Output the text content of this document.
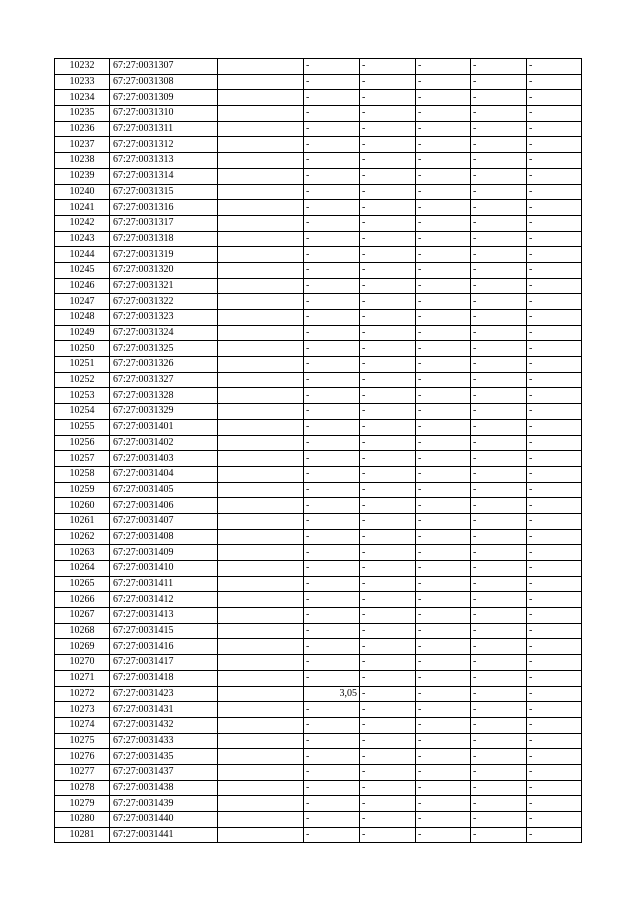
10232	67:27:0031307		-	-	-	-	-
10233	67:27:0031308		-	-	-	-	-
10234	67:27:0031309		-	-	-	-	-
10235	67:27:0031310		-	-	-	-	-
10236	67:27:0031311		-	-	-	-	-
10237	67:27:0031312		-	-	-	-	-
10238	67:27:0031313		-	-	-	-	-
10239	67:27:0031314		-	-	-	-	-
10240	67:27:0031315		-	-	-	-	-
10241	67:27:0031316		-	-	-	-	-
10242	67:27:0031317		-	-	-	-	-
10243	67:27:0031318		-	-	-	-	-
10244	67:27:0031319		-	-	-	-	-
10245	67:27:0031320		-	-	-	-	-
10246	67:27:0031321		-	-	-	-	-
10247	67:27:0031322		-	-	-	-	-
10248	67:27:0031323		-	-	-	-	-
10249	67:27:0031324		-	-	-	-	-
10250	67:27:0031325		-	-	-	-	-
10251	67:27:0031326		-	-	-	-	-
10252	67:27:0031327		-	-	-	-	-
10253	67:27:0031328		-	-	-	-	-
10254	67:27:0031329		-	-	-	-	-
10255	67:27:0031401		-	-	-	-	-
10256	67:27:0031402		-	-	-	-	-
10257	67:27:0031403		-	-	-	-	-
10258	67:27:0031404		-	-	-	-	-
10259	67:27:0031405		-	-	-	-	-
10260	67:27:0031406		-	-	-	-	-
10261	67:27:0031407		-	-	-	-	-
10262	67:27:0031408		-	-	-	-	-
10263	67:27:0031409		-	-	-	-	-
10264	67:27:0031410		-	-	-	-	-
10265	67:27:0031411		-	-	-	-	-
10266	67:27:0031412		-	-	-	-	-
10267	67:27:0031413		-	-	-	-	-
10268	67:27:0031415		-	-	-	-	-
10269	67:27:0031416		-	-	-	-	-
10270	67:27:0031417		-	-	-	-	-
10271	67:27:0031418		-	-	-	-	-
10272	67:27:0031423		3,05	-	-	-	-
10273	67:27:0031431		-	-	-	-	-
10274	67:27:0031432		-	-	-	-	-
10275	67:27:0031433		-	-	-	-	-
10276	67:27:0031435		-	-	-	-	-
10277	67:27:0031437		-	-	-	-	-
10278	67:27:0031438		-	-	-	-	-
10279	67:27:0031439		-	-	-	-	-
10280	67:27:0031440		-	-	-	-	-
10281	67:27:0031441		-	-	-	-	-
